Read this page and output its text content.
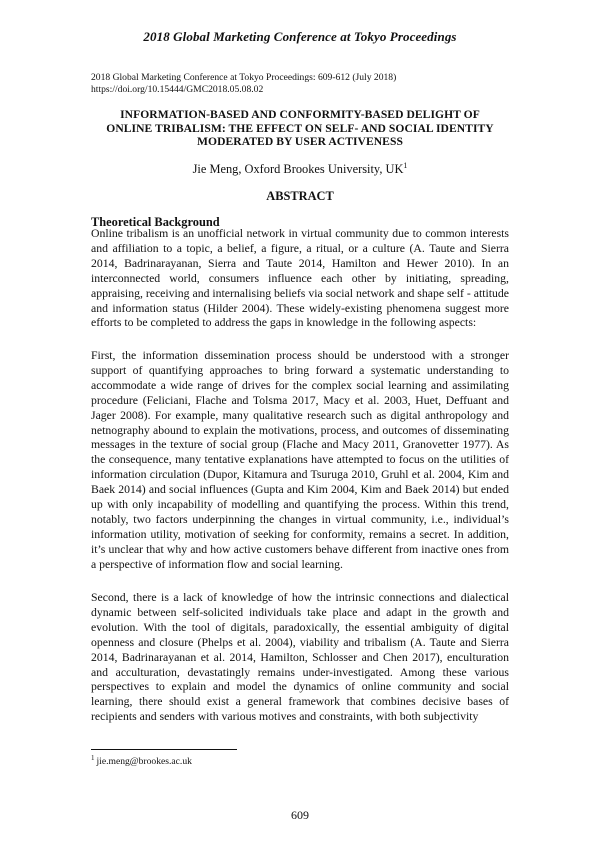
2018 Global Marketing Conference at Tokyo Proceedings
2018 Global Marketing Conference at Tokyo Proceedings: 609-612 (July 2018)
https://doi.org/10.15444/GMC2018.05.08.02
INFORMATION-BASED AND CONFORMITY-BASED DELIGHT OF
ONLINE TRIBALISM: THE EFFECT ON SELF- AND SOCIAL IDENTITY
MODERATED BY USER ACTIVENESS
Jie Meng, Oxford Brookes University, $UK^1$
ABSTRACT
Theoretical Background

Online tribalism is an unofficial network in virtual community due to common interests and affiliation to a topic, a belief, a figure, a ritual, or a culture (A. Taute and Sierra 2014, Badrinarayanan, Sierra and Taute 2014, Hamilton and Hewer 2010). In an interconnected world, consumers influence each other by initiating, spreading, appraising, receiving and internalising beliefs via social network and shape self - attitude and information status (Hilder 2004). These widely-existing phenomena suggest more efforts to be completed to address the gaps in knowledge in the following aspects:

First, the information dissemination process should be understood with a stronger support of quantifying approaches to bring forward a systematic understanding to accommodate a wide range of drives for the complex social learning and assimilating procedure (Feliciani, Flache and Tolsma 2017, Macy et al. 2003, Huet, Deffuant and Jager 2008). For example, many qualitative research such as digital anthropology and netnography abound to explain the motivations, process, and outcomes of disseminating messages in the texture of social group (Flache and Macy 2011, Granovetter 1977). As the consequence, many tentative explanations have attempted to focus on the utilities of information circulation (Dupor, Kitamura and Tsuruga 2010, Gruhl et al. 2004, Kim and Baek 2014) and social influences (Gupta and Kim 2004, Kim and Baek 2014) but ended up with only incapability of modelling and quantifying the process. Within this trend, notably, two factors underpinning the changes in virtual community, i.e., individual’s information utility, motivation of seeking for conformity, remains a secret. In addition, it’s unclear that why and how active customers behave different from inactive ones from a perspective of information flow and social learning.

Second, there is a lack of knowledge of how the intrinsic connections and dialectical dynamic between self-solicited individuals take place and adapt in the growth and evolution. With the tool of digitals, paradoxically, the essential ambiguity of digital openness and closure (Phelps et al. 2004), viability and tribalism (A. Taute and Sierra 2014, Badrinarayanan et al. 2014, Hamilton, Schlosser and Chen 2017), enculturation and acculturation, devastatingly remains under-investigated. Among these various perspectives to explain and model the dynamics of online community and social learning, there should exist a general framework that combines decisive bases of recipients and senders with various motives and constraints, with both subjectivity

$^1$ jie.meng@brookes.ac.uk
609
